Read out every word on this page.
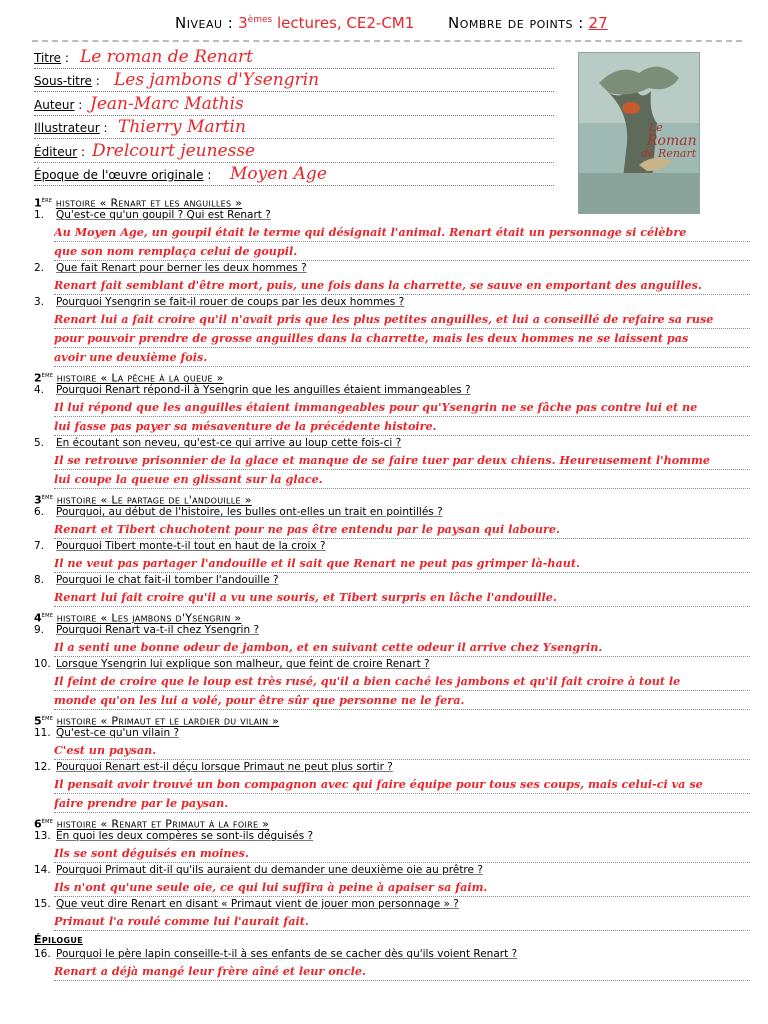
Niveau : 3èmes lectures, CE2-CM1 Nombre de points : 27
Titre : Le roman de Renart
Sous-titre : Les jambons d'Ysengrin
Auteur : Jean-Marc Mathis
Illustrateur : Thierry Martin
Éditeur : Drelcourt jeunesse
Époque de l'œuvre originale : Moyen Age
Le
Roman
de Renart
1ère histoire « Renart et les anguilles »
1. Qu'est-ce qu'un goupil ? Qui est Renart ?
Au Moyen Age, un goupil était le terme qui désignait l'animal. Renart était un personnage si célèbre
que son nom remplaça celui de goupil.
2. Que fait Renart pour berner les deux hommes ?
Renart fait semblant d'être mort, puis, une fois dans la charrette, se sauve en emportant des anguilles.
3. Pourquoi Ysengrin se fait-il rouer de coups par les deux hommes ?
Renart lui a fait croire qu'il n'avait pris que les plus petites anguilles, et lui a conseillé de refaire sa ruse
pour pouvoir prendre de grosse anguilles dans la charrette, mais les deux hommes ne se laissent pas
avoir une deuxième fois.
2ème histoire « La pêche à la queue »
4. Pourquoi Renart répond-il à Ysengrin que les anguilles étaient immangeables ?
Il lui répond que les anguilles étaient immangeables pour qu'Ysengrin ne se fâche pas contre lui et ne
lui fasse pas payer sa mésaventure de la précédente histoire.
5. En écoutant son neveu, qu'est-ce qui arrive au loup cette fois-ci ?
Il se retrouve prisonnier de la glace et manque de se faire tuer par deux chiens. Heureusement l'homme
lui coupe la queue en glissant sur la glace.
3ème histoire « Le partage de l'andouille »
6. Pourquoi, au début de l'histoire, les bulles ont-elles un trait en pointillés ?
Renart et Tibert chuchotent pour ne pas être entendu par le paysan qui laboure.
7. Pourquoi Tibert monte-t-il tout en haut de la croix ?
Il ne veut pas partager l'andouille et il sait que Renart ne peut pas grimper là-haut.
8. Pourquoi le chat fait-il tomber l'andouille ?
Renart lui fait croire qu'il a vu une souris, et Tibert surpris en lâche l'andouille.
4ème histoire « Les jambons d'Ysengrin »
9. Pourquoi Renart va-t-il chez Ysengrin ?
Il a senti une bonne odeur de jambon, et en suivant cette odeur il arrive chez Ysengrin.
10. Lorsque Ysengrin lui explique son malheur, que feint de croire Renart ?
Il feint de croire que le loup est très rusé, qu'il a bien caché les jambons et qu'il fait croire à tout le
monde qu'on les lui a volé, pour être sûr que personne ne le fera.
5ème histoire « Primaut et le lardier du vilain »
11. Qu'est-ce qu'un vilain ?
C'est un paysan.
12. Pourquoi Renart est-il déçu lorsque Primaut ne peut plus sortir ?
Il pensait avoir trouvé un bon compagnon avec qui faire équipe pour tous ses coups, mais celui-ci va se
faire prendre par le paysan.
6ème histoire « Renart et Primaut à la foire »
13. En quoi les deux compères se sont-ils déguisés ?
Ils se sont déguisés en moines.
14. Pourquoi Primaut dit-il qu'ils auraient du demander une deuxième oie au prêtre ?
Ils n'ont qu'une seule oie, ce qui lui suffira à peine à apaiser sa faim.
15. Que veut dire Renart en disant « Primaut vient de jouer mon personnage » ?
Primaut l'a roulé comme lui l'aurait fait.
Épilogue
16. Pourquoi le père lapin conseille-t-il à ses enfants de se cacher dès qu'ils voient Renart ?
Renart a déjà mangé leur frère aîné et leur oncle.
